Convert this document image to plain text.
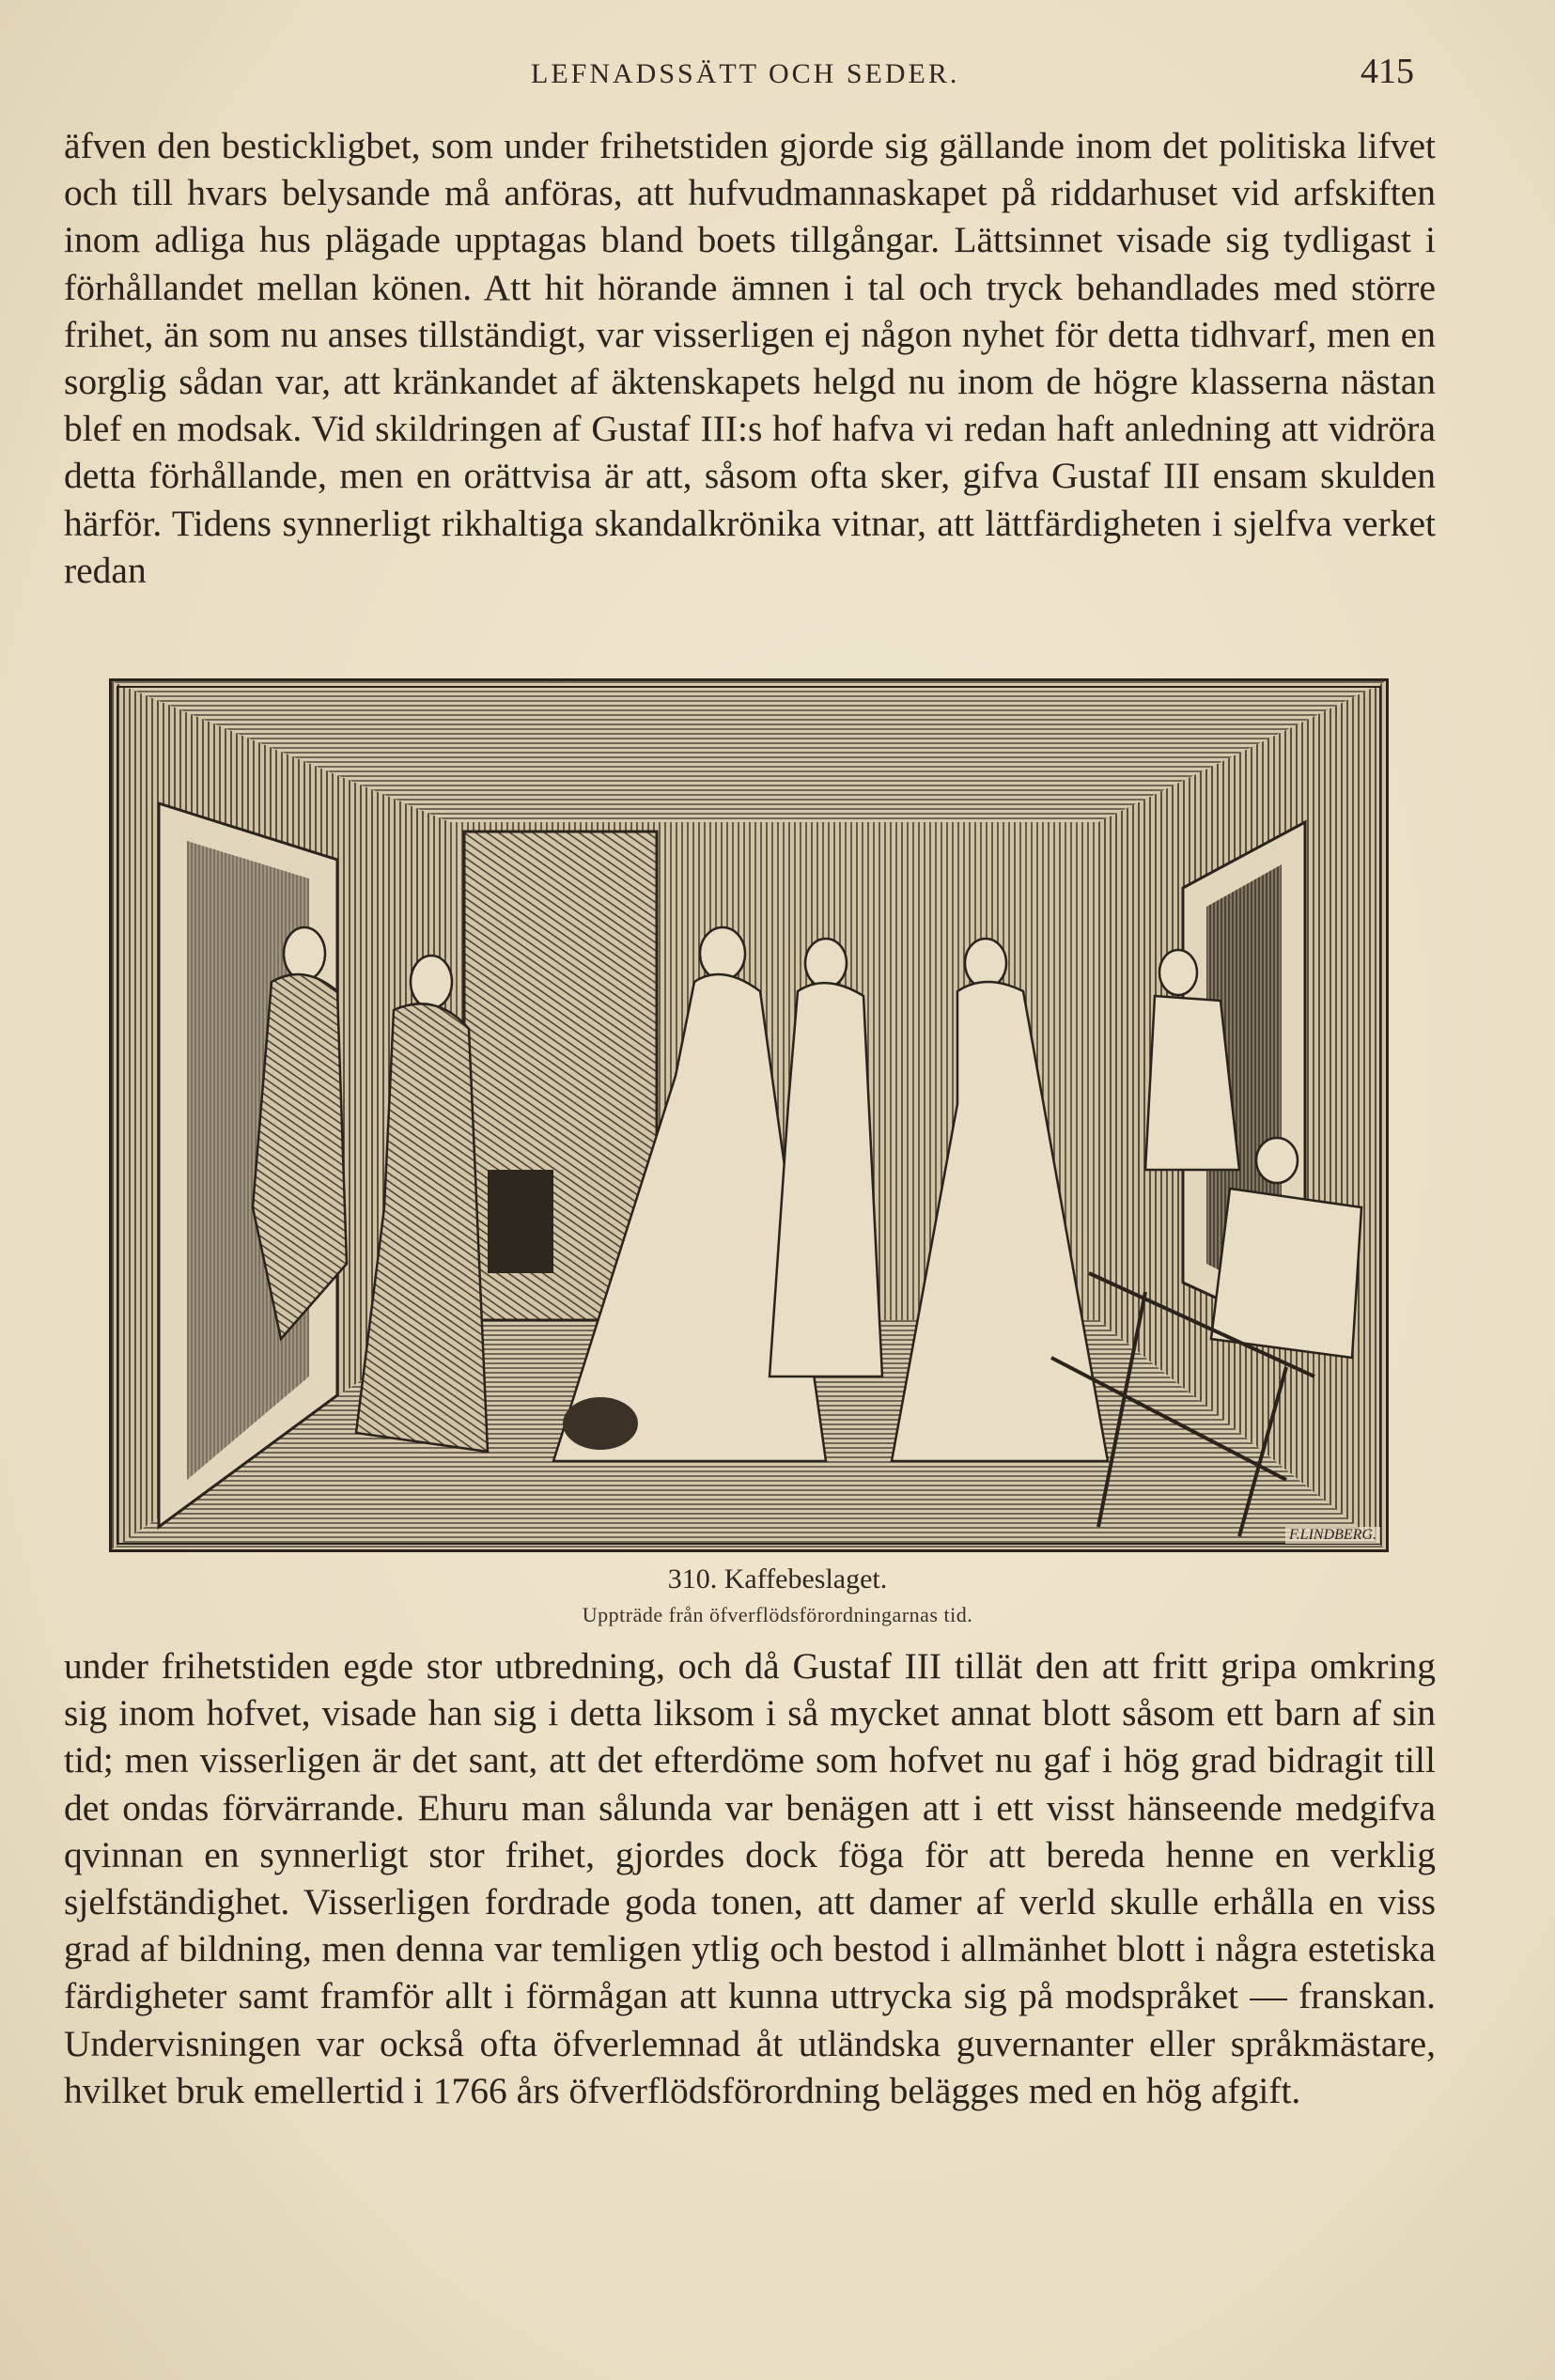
LEFNADSSÄTT OCH SEDER.	415

äfven den bestickligbet, som under frihetstiden gjorde sig gällande inom det politiska lifvet och till hvars belysande må anföras, att hufvudmannaskapet på riddarhuset vid arfskiften inom adliga hus plägade upptagas bland boets tillgångar. Lättsinnet visade sig tydligast i förhållandet mellan könen. Att hit hörande ämnen i tal och tryck behandlades med större frihet, än som nu anses tillständigt, var visserligen ej någon nyhet för detta tidhvarf, men en sorglig sådan var, att kränkandet af äktenskapets helgd nu inom de högre klasserna nästan blef en modsak. Vid skildringen af Gustaf III:s hof hafva vi redan haft anledning att vidröra detta förhållande, men en orättvisa är att, såsom ofta sker, gifva Gustaf III ensam skulden härför. Tidens synnerligt rikhaltiga skandalkrönika vitnar, att lättfärdigheten i sjelfva verket redan

F.LINDBERG.
310. Kaffebeslaget.
Uppträde från öfverflödsförordningarnas tid.

under frihetstiden egde stor utbredning, och då Gustaf III tillät den att fritt gripa omkring sig inom hofvet, visade han sig i detta liksom i så mycket annat blott såsom ett barn af sin tid; men visserligen är det sant, att det efterdöme som hofvet nu gaf i hög grad bidragit till det ondas förvärrande. Ehuru man sålunda var benägen att i ett visst hänseende medgifva qvinnan en synnerligt stor frihet, gjordes dock föga för att bereda henne en verklig sjelfständighet. Visserligen fordrade goda tonen, att damer af verld skulle erhålla en viss grad af bildning, men denna var temligen ytlig och bestod i allmänhet blott i några estetiska färdigheter samt framför allt i förmågan att kunna uttrycka sig på modspråket — franskan. Undervisningen var också ofta öfverlemnad åt utländska guvernanter eller språkmästare, hvilket bruk emellertid i 1766 års öfverflödsförordning belägges med en hög afgift.
